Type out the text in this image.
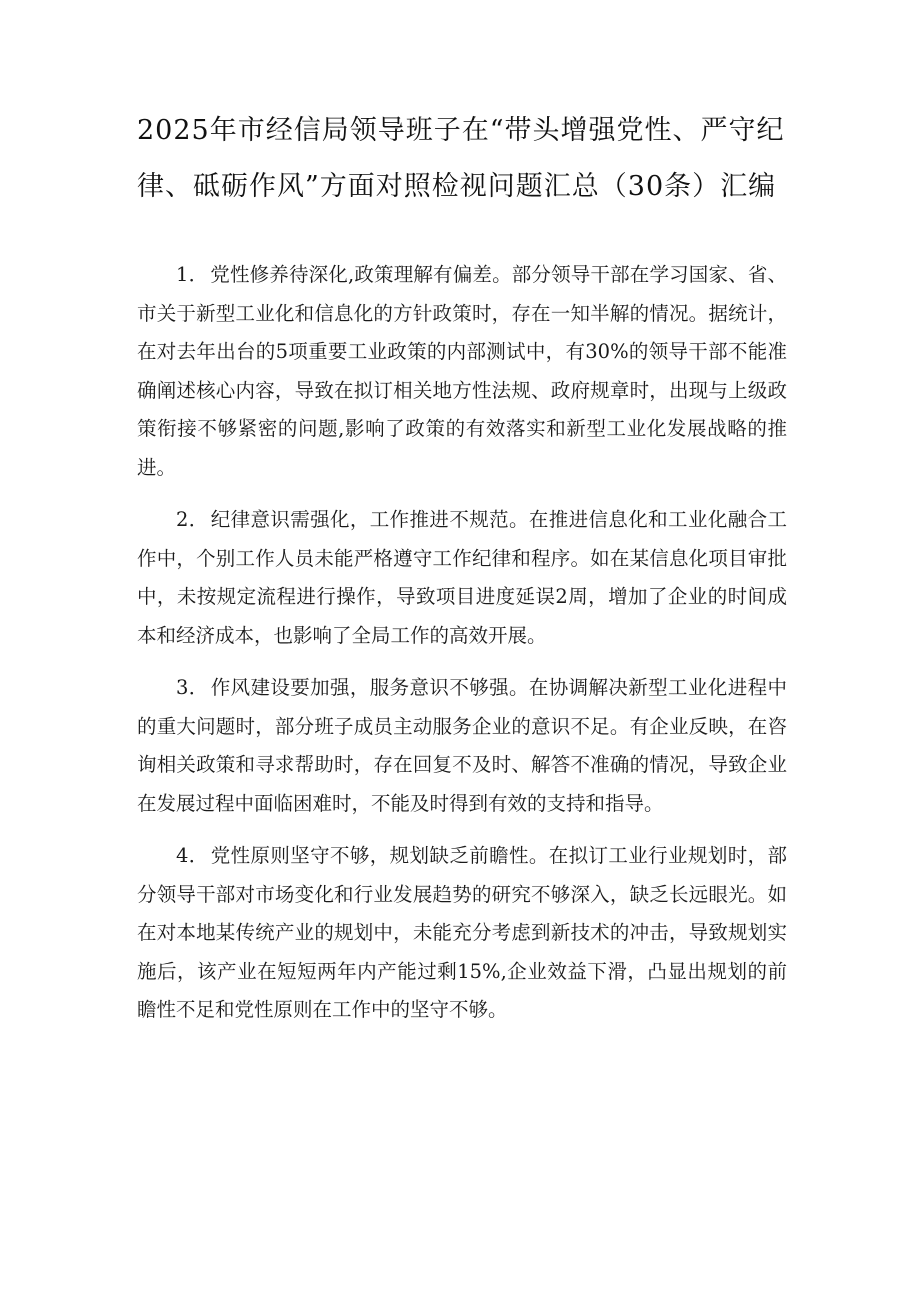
2025年市经信局领导班子在“带头增强党性、严守纪律、砥砺作风”方面对照检视问题汇总（30条）汇编

1． 党性修养待深化,政策理解有偏差。部分领导干部在学习国家、省、市关于新型工业化和信息化的方针政策时，存在一知半解的情况。据统计，在对去年出台的5项重要工业政策的内部测试中，有30%的领导干部不能准确阐述核心内容，导致在拟订相关地方性法规、政府规章时，出现与上级政策衔接不够紧密的问题,影响了政策的有效落实和新型工业化发展战略的推进。

2． 纪律意识需强化，工作推进不规范。在推进信息化和工业化融合工作中，个别工作人员未能严格遵守工作纪律和程序。如在某信息化项目审批中，未按规定流程进行操作，导致项目进度延误2周，增加了企业的时间成本和经济成本，也影响了全局工作的高效开展。

3． 作风建设要加强，服务意识不够强。在协调解决新型工业化进程中的重大问题时，部分班子成员主动服务企业的意识不足。有企业反映，在咨询相关政策和寻求帮助时，存在回复不及时、解答不准确的情况，导致企业在发展过程中面临困难时，不能及时得到有效的支持和指导。

4． 党性原则坚守不够，规划缺乏前瞻性。在拟订工业行业规划时，部分领导干部对市场变化和行业发展趋势的研究不够深入，缺乏长远眼光。如在对本地某传统产业的规划中，未能充分考虑到新技术的冲击，导致规划实施后，该产业在短短两年内产能过剩15%,企业效益下滑，凸显出规划的前瞻性不足和党性原则在工作中的坚守不够。
